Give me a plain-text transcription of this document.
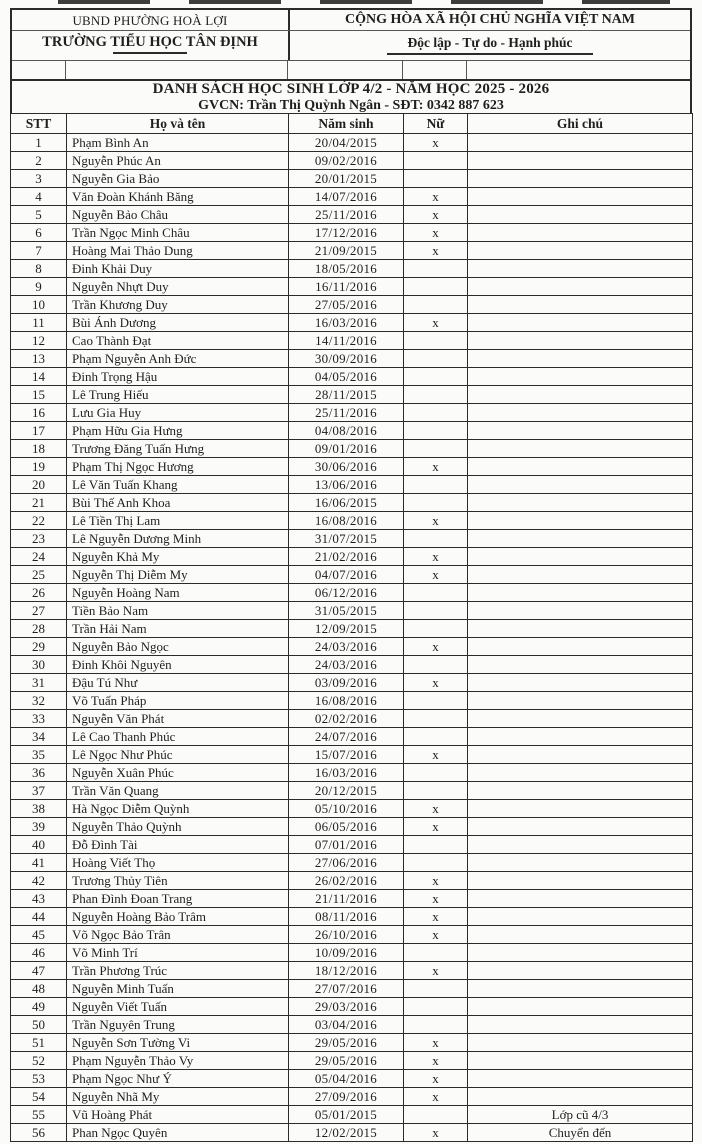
UBND PHƯỜNG HOÀ LỢI	CỘNG HÒA XÃ HỘI CHỦ NGHĨA VIỆT NAM
TRƯỜNG TIỂU HỌC TÂN ĐỊNH	Độc lập - Tự do - Hạnh phúc
DANH SÁCH HỌC SINH LỚP 4/2 - NĂM HỌC 2025 - 2026
GVCN: Trần Thị Quỳnh Ngân - SĐT: 0342 887 623
STT	Họ và tên	Năm sinh	Nữ	Ghi chú
1	Phạm Bình An	20/04/2015	x	
2	Nguyễn Phúc An	09/02/2016		
3	Nguyễn Gia Bảo	20/01/2015		
4	Văn Đoàn Khánh Băng	14/07/2016	x	
5	Nguyễn Bảo Châu	25/11/2016	x	
6	Trần Ngọc Minh Châu	17/12/2016	x	
7	Hoàng Mai Thảo Dung	21/09/2015	x	
8	Đinh Khải Duy	18/05/2016		
9	Nguyễn Nhựt Duy	16/11/2016		
10	Trần Khương Duy	27/05/2016		
11	Bùi Ánh Dương	16/03/2016	x	
12	Cao Thành Đạt	14/11/2016		
13	Phạm Nguyễn Anh Đức	30/09/2016		
14	Đinh Trọng Hậu	04/05/2016		
15	Lê Trung Hiếu	28/11/2015		
16	Lưu Gia Huy	25/11/2016		
17	Phạm Hữu Gia Hưng	04/08/2016		
18	Trương Đăng Tuấn Hưng	09/01/2016		
19	Phạm Thị Ngọc Hương	30/06/2016	x	
20	Lê Văn Tuấn Khang	13/06/2016		
21	Bùi Thế Anh Khoa	16/06/2015		
22	Lê Tiền Thị Lam	16/08/2016	x	
23	Lê Nguyễn Dương Minh	31/07/2015		
24	Nguyễn Khả My	21/02/2016	x	
25	Nguyễn Thị Diễm My	04/07/2016	x	
26	Nguyễn Hoàng Nam	06/12/2016		
27	Tiền Bảo Nam	31/05/2015		
28	Trần Hải Nam	12/09/2015		
29	Nguyễn Bảo Ngọc	24/03/2016	x	
30	Đinh Khôi Nguyên	24/03/2016		
31	Đậu Tú Như	03/09/2016	x	
32	Võ Tuấn Pháp	16/08/2016		
33	Nguyễn Văn Phát	02/02/2016		
34	Lê Cao Thanh Phúc	24/07/2016		
35	Lê Ngọc Như Phúc	15/07/2016	x	
36	Nguyễn Xuân Phúc	16/03/2016		
37	Trần Văn Quang	20/12/2015		
38	Hà Ngọc Diễm Quỳnh	05/10/2016	x	
39	Nguyễn Thảo Quỳnh	06/05/2016	x	
40	Đỗ Đình Tài	07/01/2016		
41	Hoàng Viết Thọ	27/06/2016		
42	Trương Thủy Tiên	26/02/2016	x	
43	Phan Đình Đoan Trang	21/11/2016	x	
44	Nguyễn Hoàng Bảo Trâm	08/11/2016	x	
45	Võ Ngọc Bảo Trân	26/10/2016	x	
46	Võ Minh Trí	10/09/2016		
47	Trần Phương Trúc	18/12/2016	x	
48	Nguyễn Minh Tuấn	27/07/2016		
49	Nguyễn Viết Tuấn	29/03/2016		
50	Trần Nguyên Trung	03/04/2016		
51	Nguyễn Sơn Tường Vi	29/05/2016	x	
52	Phạm Nguyễn Thảo Vy	29/05/2016	x	
53	Phạm Ngọc Như Ý	05/04/2016	x	
54	Nguyễn Nhã My	27/09/2016	x	
55	Vũ Hoàng Phát	05/01/2015		Lớp cũ 4/3
56	Phan Ngọc Quyên	12/02/2015	x	Chuyển đến
